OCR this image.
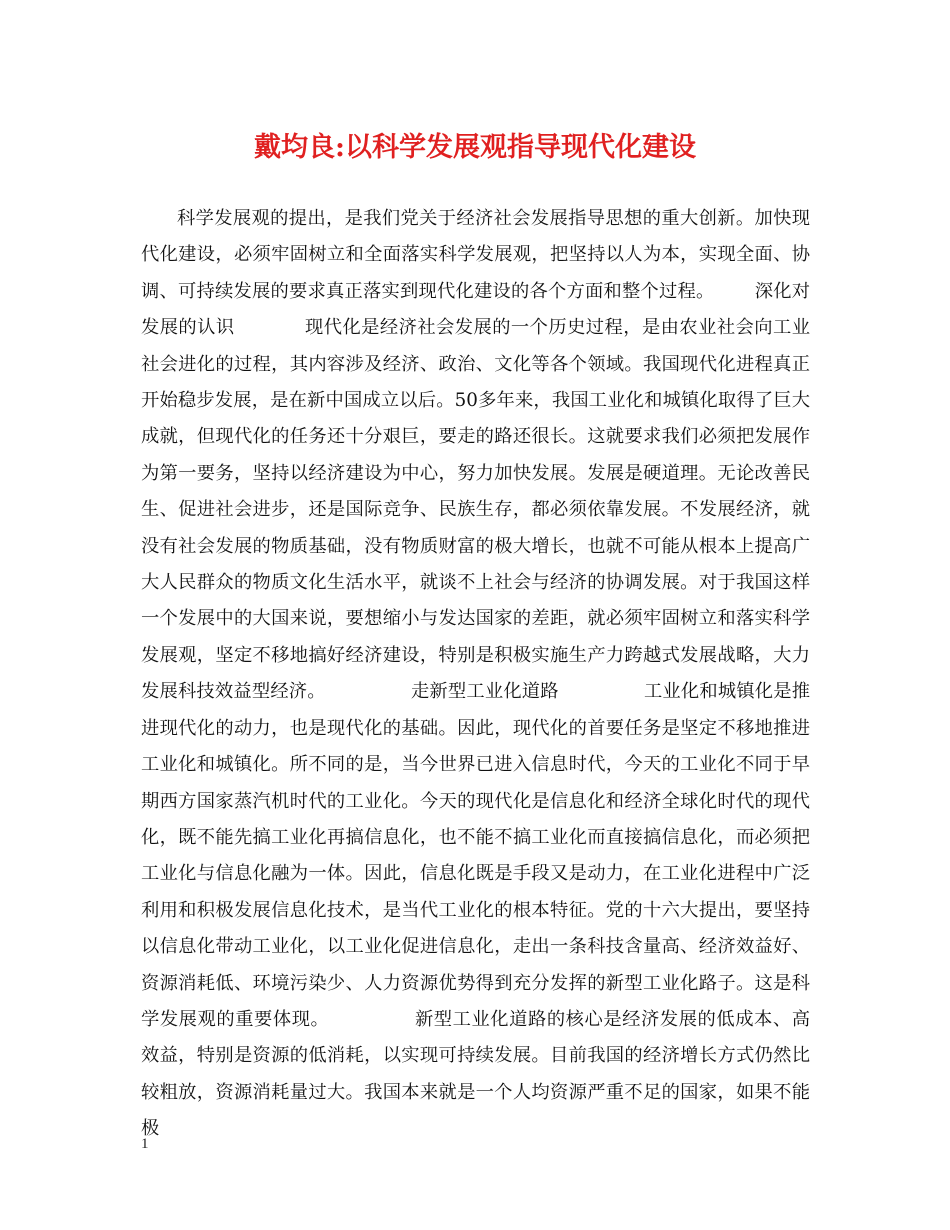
戴均良:以科学发展观指导现代化建设

科学发展观的提出，是我们党关于经济社会发展指导思想的重大创新。加快现代化建设，必须牢固树立和全面落实科学发展观，把坚持以人为本，实现全面、协调、可持续发展的要求真正落实到现代化建设的各个方面和整个过程。 深化对发展的认识	现代化是经济社会发展的一个历史过程，是由农业社会向工业社会进化的过程，其内容涉及经济、政治、文化等各个领域。我国现代化进程真正开始稳步发展，是在新中国成立以后。50多年来，我国工业化和城镇化取得了巨大成就，但现代化的任务还十分艰巨，要走的路还很长。这就要求我们必须把发展作为第一要务，坚持以经济建设为中心，努力加快发展。发展是硬道理。无论改善民生、促进社会进步，还是国际竞争、民族生存，都必须依靠发展。不发展经济，就没有社会发展的物质基础，没有物质财富的极大增长，也就不可能从根本上提高广大人民群众的物质文化生活水平，就谈不上社会与经济的协调发展。对于我国这样一个发展中的大国来说，要想缩小与发达国家的差距，就必须牢固树立和落实科学发展观，坚定不移地搞好经济建设，特别是积极实施生产力跨越式发展战略，大力发展科技效益型经济。	走新型工业化道路	工业化和城镇化是推进现代化的动力，也是现代化的基础。因此，现代化的首要任务是坚定不移地推进工业化和城镇化。所不同的是，当今世界已进入信息时代，今天的工业化不同于早期西方国家蒸汽机时代的工业化。今天的现代化是信息化和经济全球化时代的现代化，既不能先搞工业化再搞信息化，也不能不搞工业化而直接搞信息化，而必须把工业化与信息化融为一体。因此，信息化既是手段又是动力，在工业化进程中广泛利用和积极发展信息化技术，是当代工业化的根本特征。党的十六大提出，要坚持以信息化带动工业化，以工业化促进信息化，走出一条科技含量高、经济效益好、资源消耗低、环境污染少、人力资源优势得到充分发挥的新型工业化路子。这是科学发展观的重要体现。	新型工业化道路的核心是经济发展的低成本、高效益，特别是资源的低消耗，以实现可持续发展。目前我国的经济增长方式仍然比较粗放，资源消耗量过大。我国本来就是一个人均资源严重不足的国家，如果不能极

1
